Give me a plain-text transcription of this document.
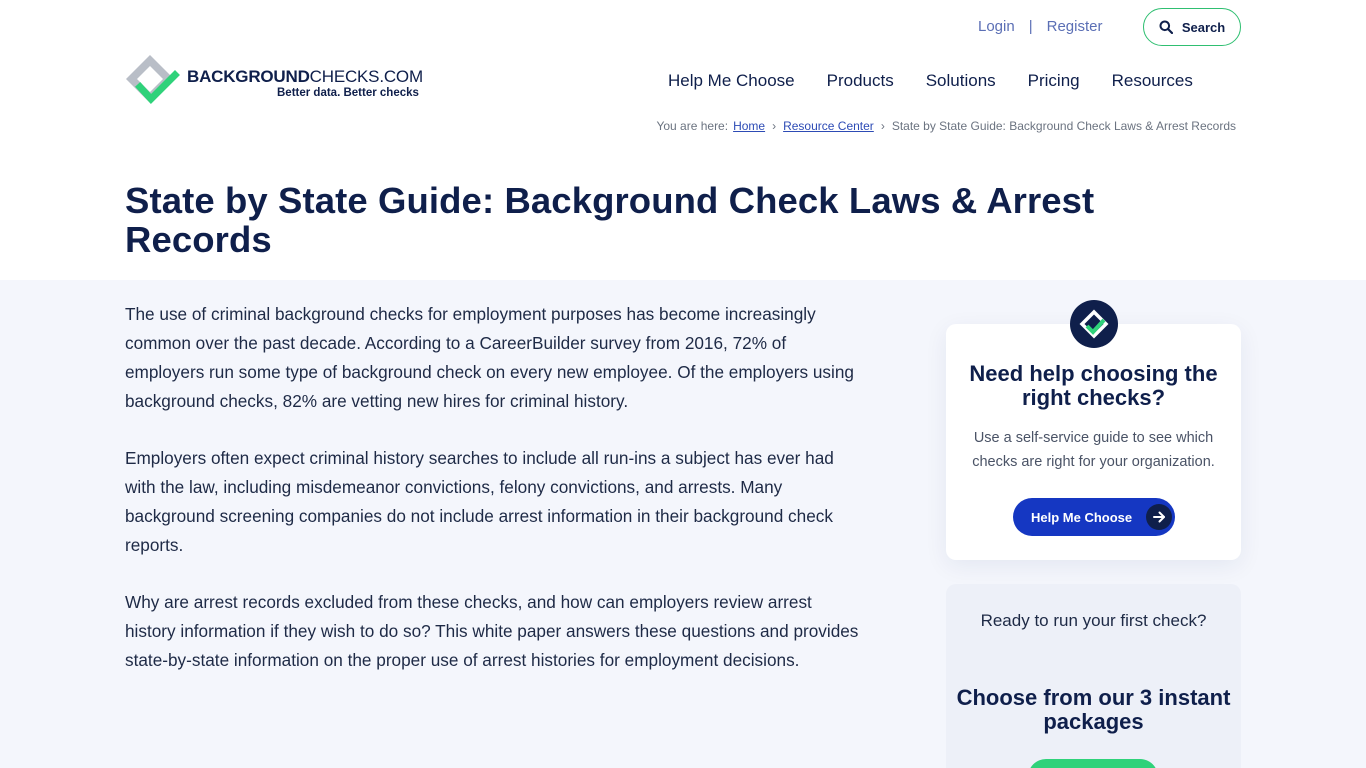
BACKGROUNDCHECKS.COM
Better data. Better checks
Login | Register	Search
Help Me Choose	Products	Solutions	Pricing	Resources
You are here: Home › Resource Center › State by State Guide: Background Check Laws & Arrest Records
State by State Guide: Background Check Laws & Arrest Records

The use of criminal background checks for employment purposes has become increasingly common over the past decade. According to a CareerBuilder survey from 2016, 72% of employers run some type of background check on every new employee. Of the employers using background checks, 82% are vetting new hires for criminal history.

Employers often expect criminal history searches to include all run-ins a subject has ever had with the law, including misdemeanor convictions, felony convictions, and arrests. Many background screening companies do not include arrest information in their background check reports.

Why are arrest records excluded from these checks, and how can employers review arrest history information if they wish to do so? This white paper answers these questions and provides state-by-state information on the proper use of arrest histories for employment decisions.

Need help choosing the right checks?
Use a self-service guide to see which checks are right for your organization.
Help Me Choose
Ready to run your first check?
Choose from our 3 instant packages
